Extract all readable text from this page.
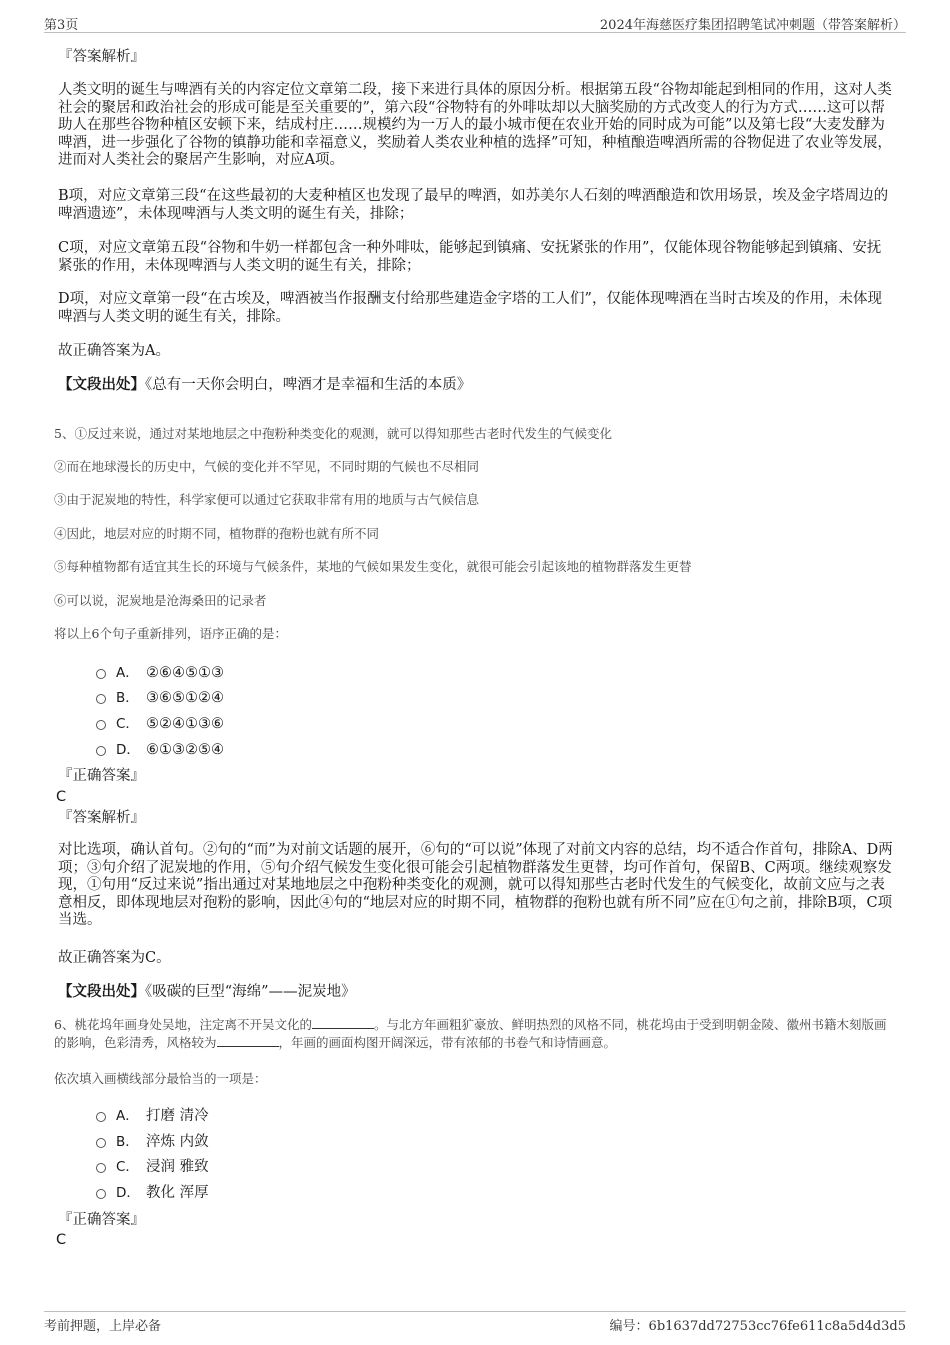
第3页	2024年海慈医疗集团招聘笔试冲刺题（带答案解析）
『答案解析』
人类文明的诞生与啤酒有关的内容定位文章第二段，接下来进行具体的原因分析。根据第五段“谷物却能起到相同的作用，这对人类社会的聚居和政治社会的形成可能是至关重要的”，第六段“谷物特有的外啡呔却以大脑奖励的方式改变人的行为方式……这可以帮助人在那些谷物种植区安顿下来，结成村庄……规模约为一万人的最小城市便在农业开始的同时成为可能”以及第七段“大麦发酵为啤酒，进一步强化了谷物的镇静功能和幸福意义，奖励着人类农业种植的选择”可知，种植酿造啤酒所需的谷物促进了农业等发展，进而对人类社会的聚居产生影响，对应A项。
B项，对应文章第三段“在这些最初的大麦种植区也发现了最早的啤酒，如苏美尔人石刻的啤酒酿造和饮用场景，埃及金字塔周边的啤酒遗迹”，未体现啤酒与人类文明的诞生有关，排除；
C项，对应文章第五段“谷物和牛奶一样都包含一种外啡呔，能够起到镇痛、安抚紧张的作用”，仅能体现谷物能够起到镇痛、安抚紧张的作用，未体现啤酒与人类文明的诞生有关，排除；
D项，对应文章第一段“在古埃及，啤酒被当作报酬支付给那些建造金字塔的工人们”，仅能体现啤酒在当时古埃及的作用，未体现啤酒与人类文明的诞生有关，排除。
故正确答案为A。
【文段出处】《总有一天你会明白，啤酒才是幸福和生活的本质》
5、①反过来说，通过对某地地层之中孢粉种类变化的观测，就可以得知那些古老时代发生的气候变化
②而在地球漫长的历史中，气候的变化并不罕见，不同时期的气候也不尽相同
③由于泥炭地的特性，科学家便可以通过它获取非常有用的地质与古气候信息
④因此，地层对应的时期不同，植物群的孢粉也就有所不同
⑤每种植物都有适宜其生长的环境与气候条件，某地的气候如果发生变化，就很可能会引起该地的植物群落发生更替
⑥可以说，泥炭地是沧海桑田的记录者
将以上6个句子重新排列，语序正确的是：
A． ②⑥④⑤①③
B． ③⑥⑤①②④
C． ⑤②④①③⑥
D． ⑥①③②⑤④
『正确答案』
C
『答案解析』
对比选项，确认首句。②句的“而”为对前文话题的展开，⑥句的“可以说”体现了对前文内容的总结，均不适合作首句，排除A、D两项；③句介绍了泥炭地的作用，⑤句介绍气候发生变化很可能会引起植物群落发生更替，均可作首句，保留B、C两项。继续观察发现，①句用“反过来说”指出通过对某地地层之中孢粉种类变化的观测，就可以得知那些古老时代发生的气候变化，故前文应与之表意相反，即体现地层对孢粉的影响，因此④句的“地层对应的时期不同，植物群的孢粉也就有所不同”应在①句之前，排除B项，C项当选。
故正确答案为C。
【文段出处】《吸碳的巨型“海绵”——泥炭地》
6、桃花坞年画身处吴地，注定离不开吴文化的	。与北方年画粗犷豪放、鲜明热烈的风格不同，桃花坞由于受到明朝金陵、徽州书籍木刻版画的影响，色彩清秀，风格较为	，年画的画面构图开阔深远，带有浓郁的书卷气和诗情画意。
依次填入画横线部分最恰当的一项是：
A． 打磨 清冷
B． 淬炼 内敛
C． 浸润 雅致
D． 教化 浑厚
『正确答案』
C
考前押题，上岸必备	编号：6b1637dd72753cc76fe611c8a5d4d3d5
